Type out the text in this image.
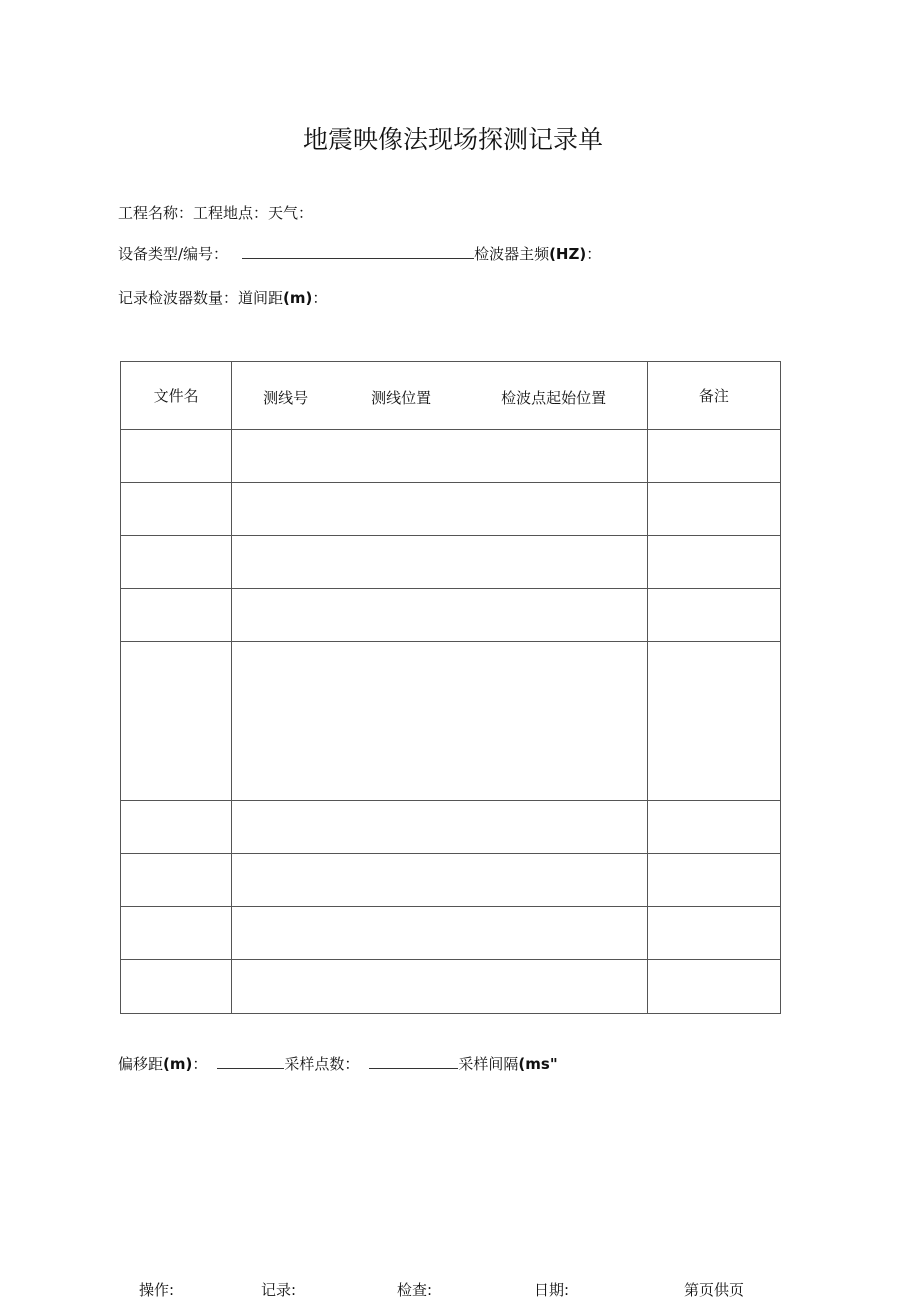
地震映像法现场探测记录单
工程名称：工程地点：天气：
设备类型/编号：	检波器主频(HZ)：
记录检波器数量：道间距(m)：
文件名	测线号 测线位置 检波点起始位置	备注

偏移距(m)：	采样点数：	采样间隔(ms"
操作:	记录:	检查:	日期:	第页供页
